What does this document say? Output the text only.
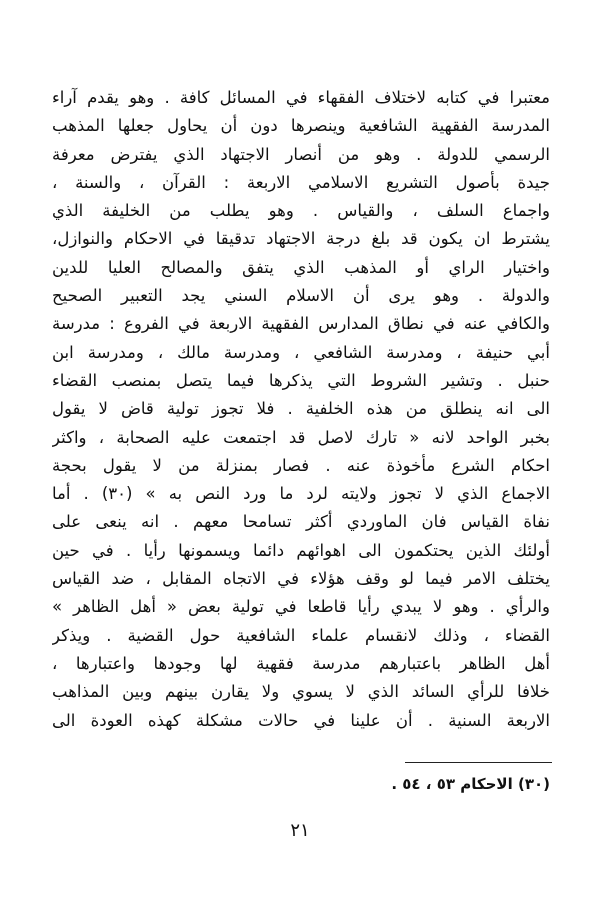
معتبرا في كتابه لاختلاف الفقهاء في المسائل كافة . وهو يقدم آراء
المدرسة الفقهية الشافعية وينصرها دون أن يحاول جعلها المذهب
الرسمي للدولة . وهو من أنصار الاجتهاد الذي يفترض معرفة
جيدة بأصول التشريع الاسلامي الاربعة : القرآن ، والسنة ،
واجماع السلف ، والقياس . وهو يطلب من الخليفة الذي
يشترط ان يكون قد بلغ درجة الاجتهاد تدقيقا في الاحكام والنوازل،
واختيار الراي أو المذهب الذي يتفق والمصالح العليا للدين
والدولة . وهو يرى أن الاسلام السني يجد التعبير الصحيح
والكافي عنه في نطاق المدارس الفقهية الاربعة في الفروع : مدرسة
أبي حنيفة ، ومدرسة الشافعي ، ومدرسة مالك ، ومدرسة ابن
حنبل . وتشير الشروط التي يذكرها فيما يتصل بمنصب القضاء
الى انه ينطلق من هذه الخلفية . فلا تجوز تولية قاض لا يقول
بخبر الواحد لانه « تارك لاصل قد اجتمعت عليه الصحابة ، واكثر
احكام الشرع مأخوذة عنه . فصار بمنزلة من لا يقول بحجة
الاجماع الذي لا تجوز ولايته لرد ما ورد النص به » (٣٠) . أما
نفاة القياس فان الماوردي أكثر تسامحا معهم . انه ينعى على
أولئك الذين يحتكمون الى اهوائهم دائما ويسمونها رأيا . في حين
يختلف الامر فيما لو وقف هؤلاء في الاتجاه المقابل ، ضد القياس
والرأي . وهو لا يبدي رأيا قاطعا في تولية بعض « أهل الظاهر »
القضاء ، وذلك لانقسام علماء الشافعية حول القضية . ويذكر
أهل الظاهر باعتبارهم مدرسة فقهية لها وجودها واعتبارها ،
خلافا للرأي السائد الذي لا يسوي ولا يقارن بينهم وبين المذاهب
الاربعة السنية . أن علينا في حالات مشكلة كهذه العودة الى
(٣٠) الاحكام ٥٣ ، ٥٤ .
٢١
